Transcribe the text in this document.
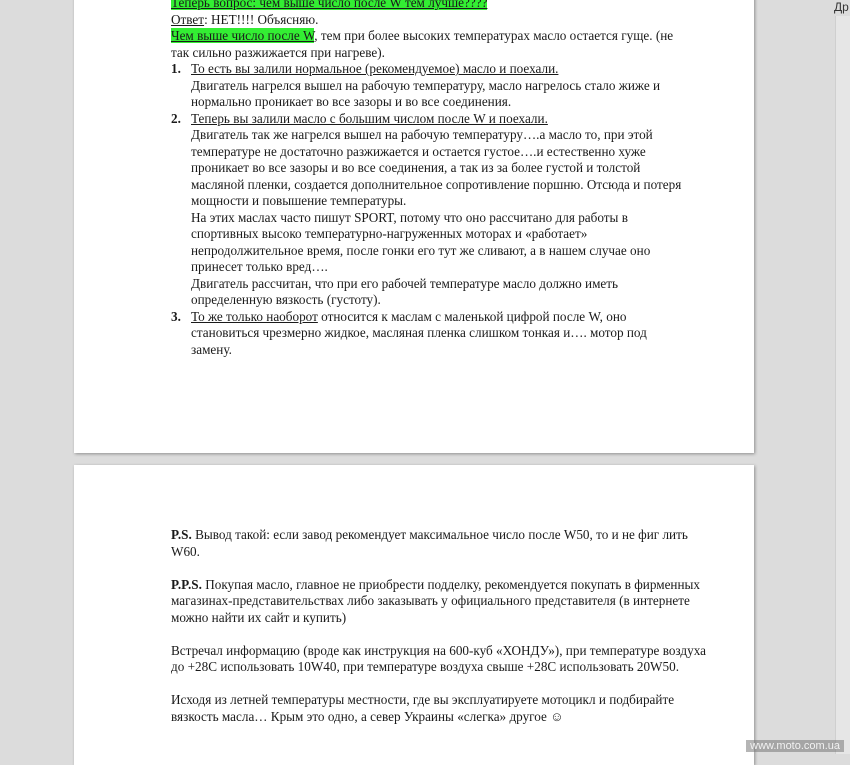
Др
Теперь вопрос: чем выше число после W тем лучше????
Ответ: НЕТ!!!! Объясняю.
Чем выше число после W, тем при более высоких температурах масло остается гуще. (не так сильно разжижается при нагреве).
1. То есть вы залили нормальное (рекомендуемое) масло и поехали.
Двигатель нагрелся вышел на рабочую температуру, масло нагрелось стало жиже и нормально проникает во все зазоры и во все соединения.
2. Теперь вы залили масло с большим числом после W и поехали.
Двигатель так же нагрелся вышел на рабочую температуру….а масло то, при этой температуре не достаточно разжижается и остается густое….и естественно хуже проникает во все зазоры и во все соединения, а так из за более густой и толстой масляной пленки, создается дополнительное сопротивление поршню. Отсюда и потеря мощности и повышение температуры.
На этих маслах часто пишут SPORT, потому что оно рассчитано для работы в спортивных высоко температурно-нагруженных моторах и «работает» непродолжительное время, после гонки его тут же сливают, а в нашем случае оно принесет только вред….
Двигатель рассчитан, что при его рабочей температуре масло должно иметь определенную вязкость (густоту).
3. То же только наоборот относится к маслам с маленькой цифрой после W, оно становиться чрезмерно жидкое, масляная пленка слишком тонкая и…. мотор под замену.

P.S. Вывод такой: если завод рекомендует максимальное число после W50, то и не фиг лить W60.

P.P.S. Покупая масло, главное не приобрести подделку, рекомендуется покупать в фирменных магазинах-представительствах либо заказывать у официального представителя (в интернете можно найти их сайт и купить)

Встречал информацию (вроде как инструкция на 600-куб «ХОНДУ»), при температуре воздуха до +28С использовать 10W40, при температуре воздуха свыше +28С использовать 20W50.

Исходя из летней температуры местности, где вы эксплуатируете мотоцикл и подбирайте вязкость масла… Крым это одно, а север Украины «слегка» другое ☺

www.moto.com.ua
